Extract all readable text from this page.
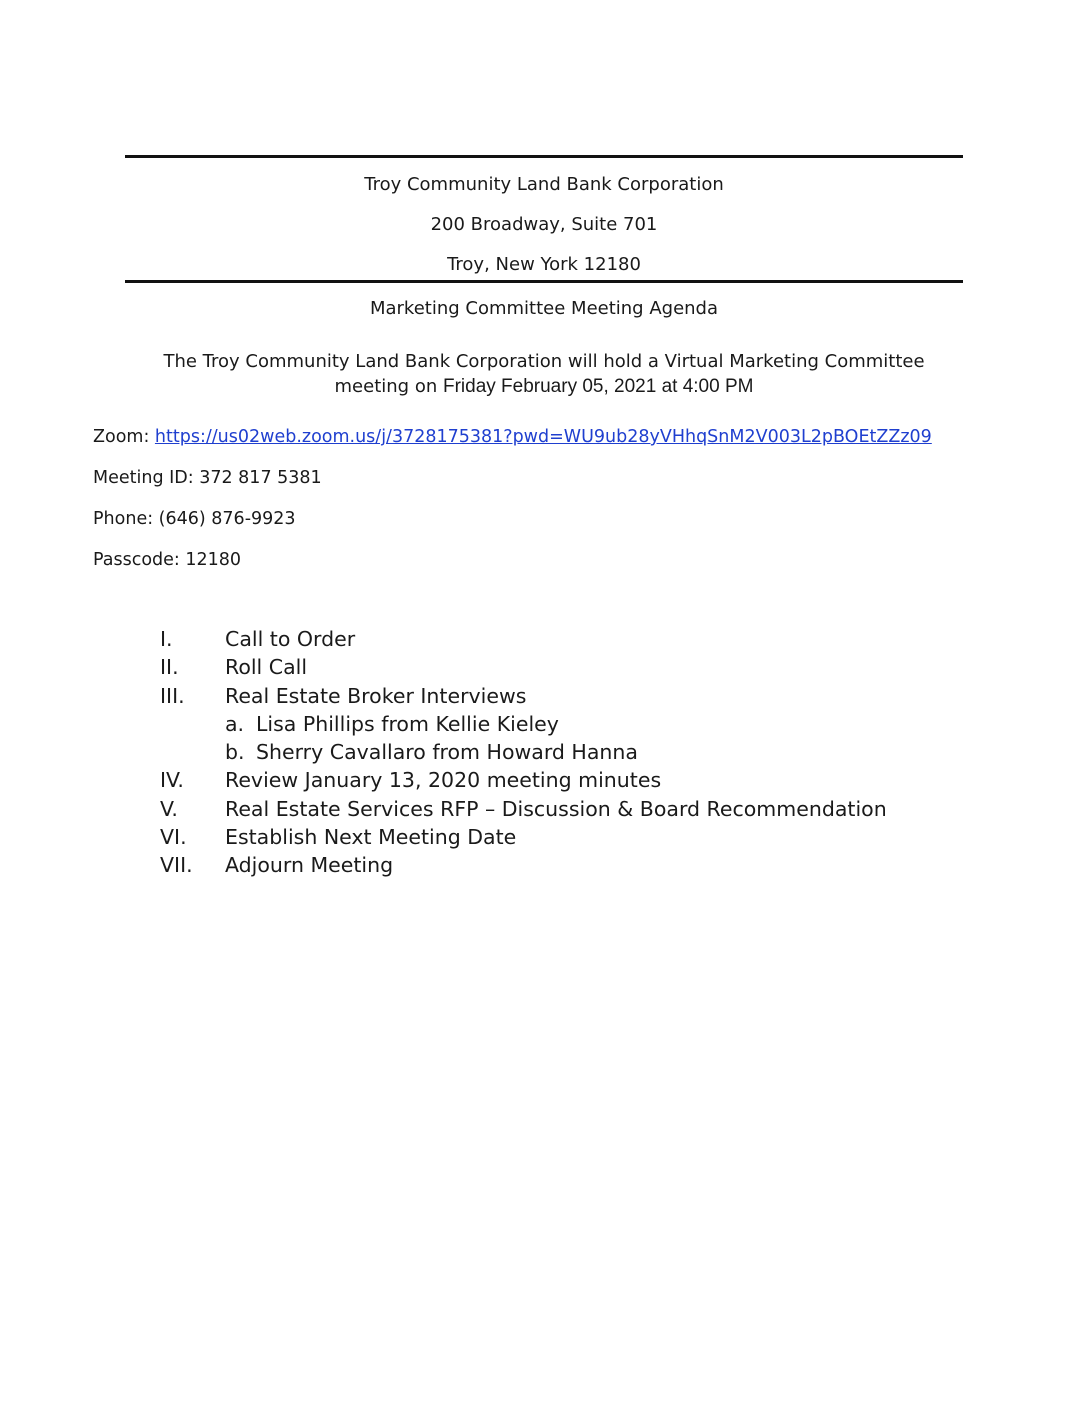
Troy Community Land Bank Corporation
200 Broadway, Suite 701
Troy, New York 12180
Marketing Committee Meeting Agenda
The Troy Community Land Bank Corporation will hold a Virtual Marketing Committee
meeting on Friday February 05, 2021 at 4:00 PM
Zoom: https://us02web.zoom.us/j/3728175381?pwd=WU9ub28yVHhqSnM2V003L2pBOEtZZz09
Meeting ID: 372 817 5381
Phone: (646) 876-9923
Passcode: 12180
I.	Call to Order
II. Roll Call
III. Real Estate Broker Interviews
a. Lisa Phillips from Kellie Kieley
b. Sherry Cavallaro from Howard Hanna
IV. Review January 13, 2020 meeting minutes
V. Real Estate Services RFP – Discussion & Board Recommendation
VI. Establish Next Meeting Date
VII. Adjourn Meeting
